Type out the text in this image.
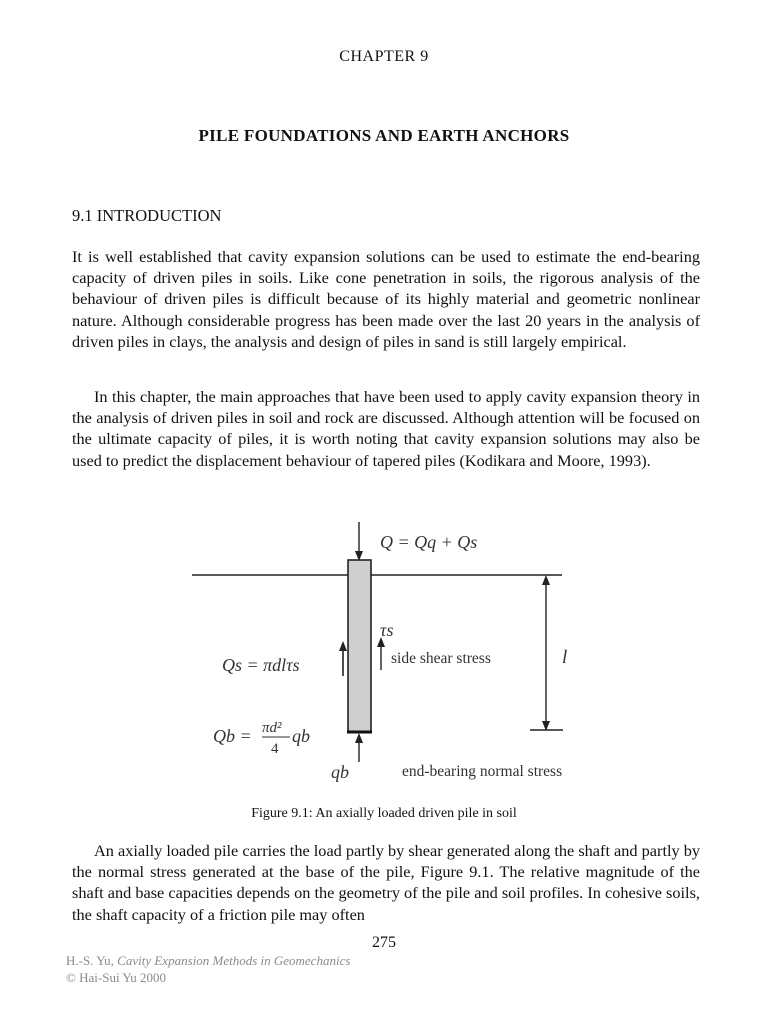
CHAPTER 9
PILE FOUNDATIONS AND EARTH ANCHORS
9.1 INTRODUCTION

It is well established that cavity expansion solutions can be used to estimate the end-bearing capacity of driven piles in soils. Like cone penetration in soils, the rigorous analysis of the behaviour of driven piles is difficult because of its highly material and geometric nonlinear nature. Although considerable progress has been made over the last 20 years in the analysis of driven piles in clays, the analysis and design of piles in sand is still largely empirical.

In this chapter, the main approaches that have been used to apply cavity expansion theory in the analysis of driven piles in soil and rock are discussed. Although attention will be focused on the ultimate capacity of piles, it is worth noting that cavity expansion solutions may also be used to predict the displacement behaviour of tapered piles (Kodikara and Moore, 1993).

Q = Qq + Qs
τs
side shear stress	l
Qs = πdlτs
Qb = πd²
4
qb
qb	end-bearing normal stress
Figure 9.1: An axially loaded driven pile in soil

An axially loaded pile carries the load partly by shear generated along the shaft and partly by the normal stress generated at the base of the pile, Figure 9.1. The relative magnitude of the shaft and base capacities depends on the geometry of the pile and soil profiles. In cohesive soils, the shaft capacity of a friction pile may often

275
H.-S. Yu, Cavity Expansion Methods in Geomechanics
© Hai-Sui Yu 2000
